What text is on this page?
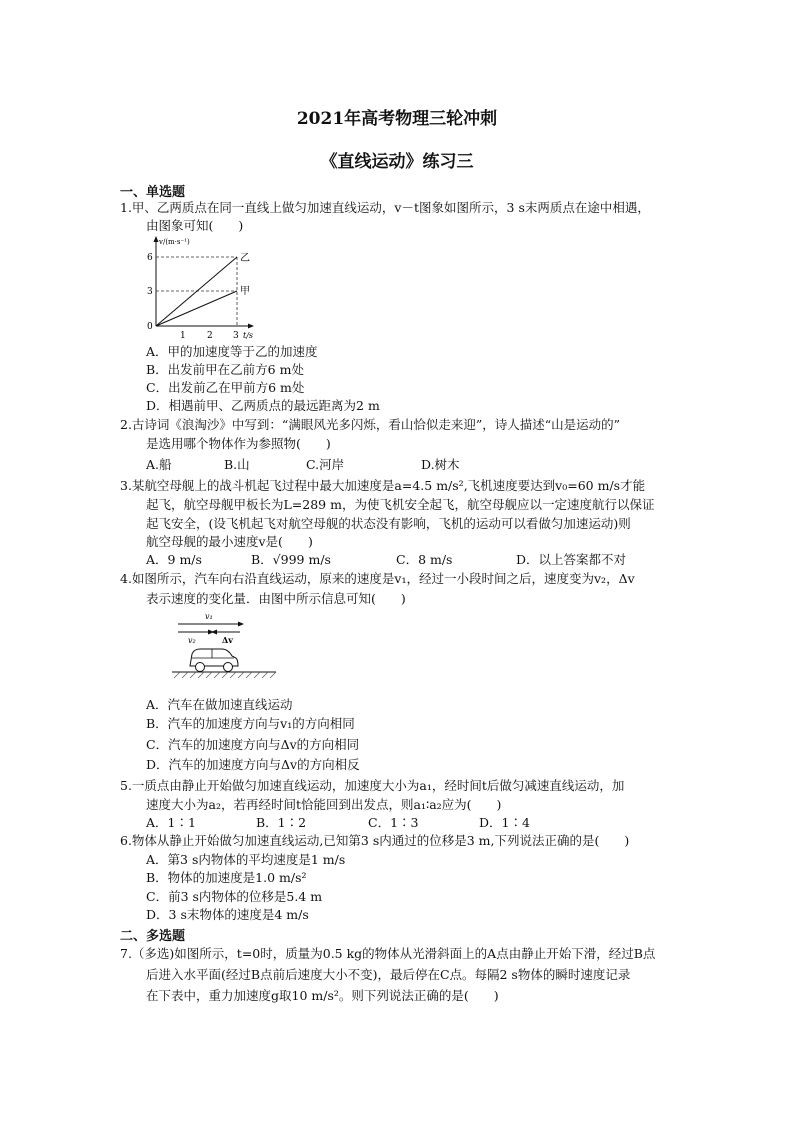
2021年高考物理三轮冲刺
《直线运动》练习三
一、单选题
1.甲、乙两质点在同一直线上做匀加速直线运动，v－t图象如图所示，3 s末两质点在途中相遇，
由图象可知(　　)
v/(m·s⁻¹)
6
3
0
1 2 3 t/s
乙
甲
A．甲的加速度等于乙的加速度
B．出发前甲在乙前方6 m处
C．出发前乙在甲前方6 m处
D．相遇前甲、乙两质点的最远距离为2 m
2.古诗词《浪淘沙》中写到：“满眼风光多闪烁，看山恰似走来迎”，诗人描述“山是运动的”
是选用哪个物体作为参照物(　　)
A.船	B.山	C.河岸	D.树木
3.某航空母舰上的战斗机起飞过程中最大加速度是a=4.5 m/s²,飞机速度要达到v₀=60 m/s才能
起飞，航空母舰甲板长为L=289 m，为使飞机安全起飞，航空母舰应以一定速度航行以保证
起飞安全，(设飞机起飞对航空母舰的状态没有影响，飞机的运动可以看做匀加速运动)则
航空母舰的最小速度v是(　　)
A．9 m/s	B．√999 m/s	C．8 m/s	D．以上答案都不对
4.如图所示，汽车向右沿直线运动，原来的速度是v₁，经过一小段时间之后，速度变为v₂，Δv
表示速度的变化量．由图中所示信息可知(　　)
v₁
v₂	Δv
A．汽车在做加速直线运动
B．汽车的加速度方向与v₁的方向相同
C．汽车的加速度方向与Δv的方向相同
D．汽车的加速度方向与Δv的方向相反
5.一质点由静止开始做匀加速直线运动，加速度大小为a₁，经时间t后做匀减速直线运动，加
速度大小为a₂，若再经时间t恰能回到出发点，则a₁∶a₂应为(　　)
A．1∶1	B．1∶2	C．1∶3	D．1∶4
6.物体从静止开始做匀加速直线运动,已知第3 s内通过的位移是3 m,下列说法正确的是(　　)
A．第3 s内物体的平均速度是1 m/s
B．物体的加速度是1.0 m/s²
C．前3 s内物体的位移是5.4 m
D．3 s末物体的速度是4 m/s
二、多选题
7.（多选)如图所示，t=0时，质量为0.5 kg的物体从光滑斜面上的A点由静止开始下滑，经过B点
后进入水平面(经过B点前后速度大小不变)，最后停在C点。每隔2 s物体的瞬时速度记录
在下表中，重力加速度g取10 m/s²。则下列说法正确的是(　　)
